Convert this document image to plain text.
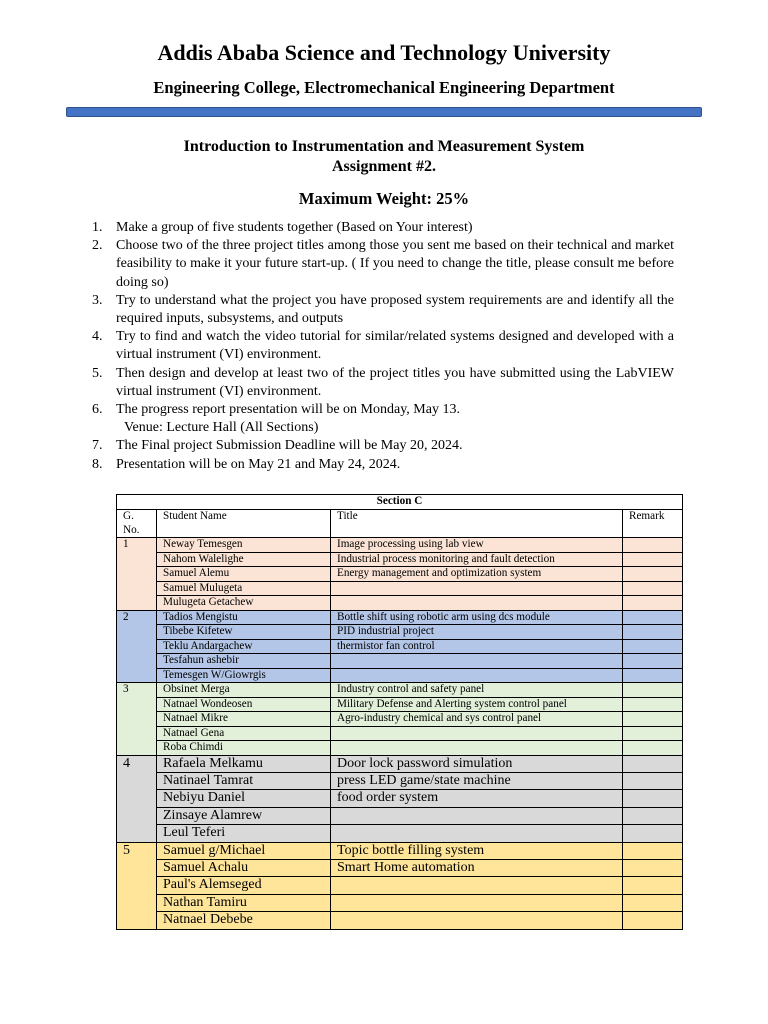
Addis Ababa Science and Technology University
Engineering College, Electromechanical Engineering Department
Introduction to Instrumentation and Measurement System
Assignment #2.
Maximum Weight: 25%
1. Make a group of five students together (Based on Your interest)
2. Choose two of the three project titles among those you sent me based on their technical and market feasibility to make it your future start-up. ( If you need to change the title, please consult me before doing so)
3. Try to understand what the project you have proposed system requirements are and identify all the required inputs, subsystems, and outputs
4. Try to find and watch the video tutorial for similar/related systems designed and developed with a virtual instrument (VI) environment.
5. Then design and develop at least two of the project titles you have submitted using the LabVIEW virtual instrument (VI) environment.
6. The progress report presentation will be on Monday, May 13.
Venue: Lecture Hall (All Sections)
7. The Final project Submission Deadline will be May 20, 2024.
8. Presentation will be on May 21 and May 24, 2024.
Section C			
G. No.	Student Name	Title	Remark
1	Neway Temesgen	Image processing using lab view	
	Nahom Walelighe	Industrial process monitoring and fault detection	
	Samuel Alemu	Energy management and optimization system	
	Samuel Mulugeta		
	Mulugeta Getachew		
2	Tadios Mengistu	Bottle shift using robotic arm using dcs module	
	Tibebe Kifetew	PID industrial project	
	Teklu Andargachew	thermistor fan control	
	Tesfahun ashebir		
	Temesgen W/Giowrgis		
3	Obsinet Merga	Industry control and safety panel	
	Natnael Wondeosen	Military Defense and Alerting system control panel	
	Natnael Mikre	Agro-industry chemical and sys control panel	
	Natnael Gena		
	Roba Chimdi		
4	Rafaela Melkamu	Door lock password simulation	
	Natinael Tamrat	press LED game/state machine	
	Nebiyu Daniel	food order system	
	Zinsaye Alamrew		
	Leul Teferi		
5	Samuel g/Michael	Topic bottle filling system	
	Samuel Achalu	Smart Home automation	
	Paul's Alemseged		
	Nathan Tamiru		
	Natnael Debebe		
